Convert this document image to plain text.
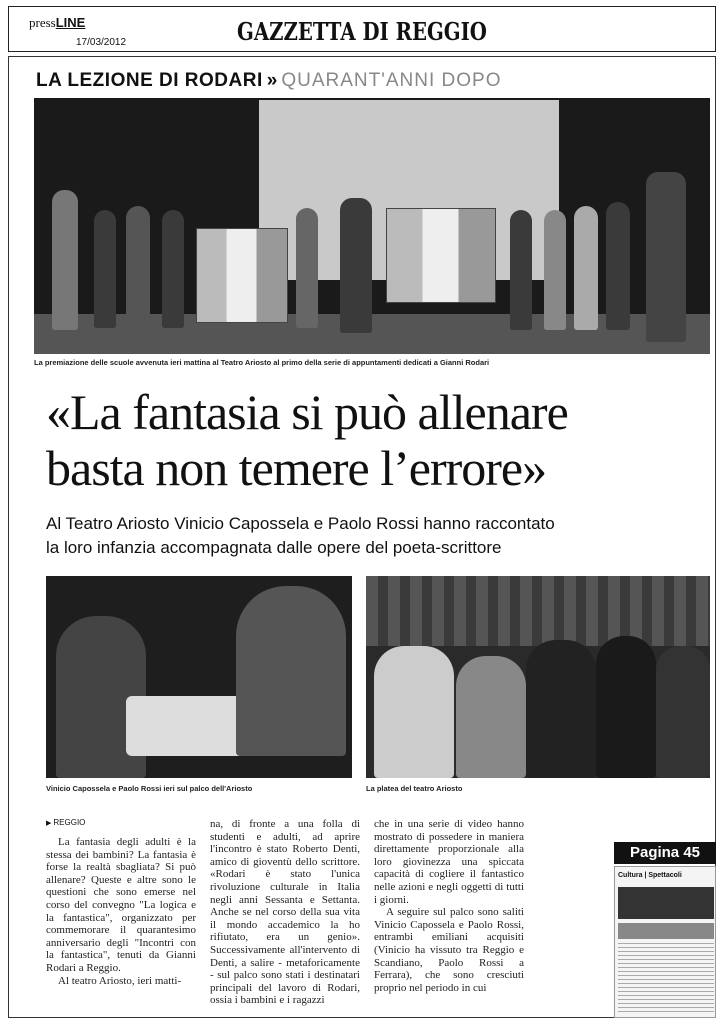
pressLINE
17/03/2012	GAZZETTA DI REGGIO
LA LEZIONE DI RODARI » QUARANT'ANNI DOPO
La premiazione delle scuole avvenuta ieri mattina al Teatro Ariosto al primo della serie di appuntamenti dedicati a Gianni Rodari
«La fantasia si può allenare
basta non temere l’errore»
Al Teatro Ariosto Vinicio Capossela e Paolo Rossi hanno raccontato
la loro infanzia accompagnata dalle opere del poeta-scrittore
Vinicio Capossela e Paolo Rossi ieri sul palco dell'Ariosto	La platea del teatro Ariosto
▶ REGGIO

La fantasia degli adulti è la stessa dei bambini? La fantasia è forse la realtà sbagliata? Si può allenare? Queste e altre sono le questioni che sono emerse nel corso del convegno "La logica e la fantastica", organizzato per commemorare il quarantesimo anniversario degli "Incontri con la fantastica", tenuti da Gianni Rodari a Reggio.

Al teatro Ariosto, ieri matti-

na, di fronte a una folla di studenti e adulti, ad aprire l'incontro è stato Roberto Denti, amico di gioventù dello scrittore. «Rodari è stato l'unica rivoluzione culturale in Italia negli anni Sessanta e Settanta. Anche se nel corso della sua vita il mondo accademico la ho rifiutato, era un genio». Successivamente all'intervento di Denti, a salire - metaforicamente - sul palco sono stati i destinatari principali del lavoro di Rodari, ossia i bambini e i ragazzi

che in una serie di video hanno mostrato di possedere in maniera direttamente proporzionale alla loro giovinezza una spiccata capacità di cogliere il fantastico nelle azioni e negli oggetti di tutti i giorni.

A seguire sul palco sono saliti Vinicio Capossela e Paolo Rossi, entrambi emiliani acquisiti (Vinicio ha vissuto tra Reggio e Scandiano, Paolo Rossi a Ferrara), che sono cresciuti proprio nel periodo in cui

Pagina 45
Cultura | Spettacoli
